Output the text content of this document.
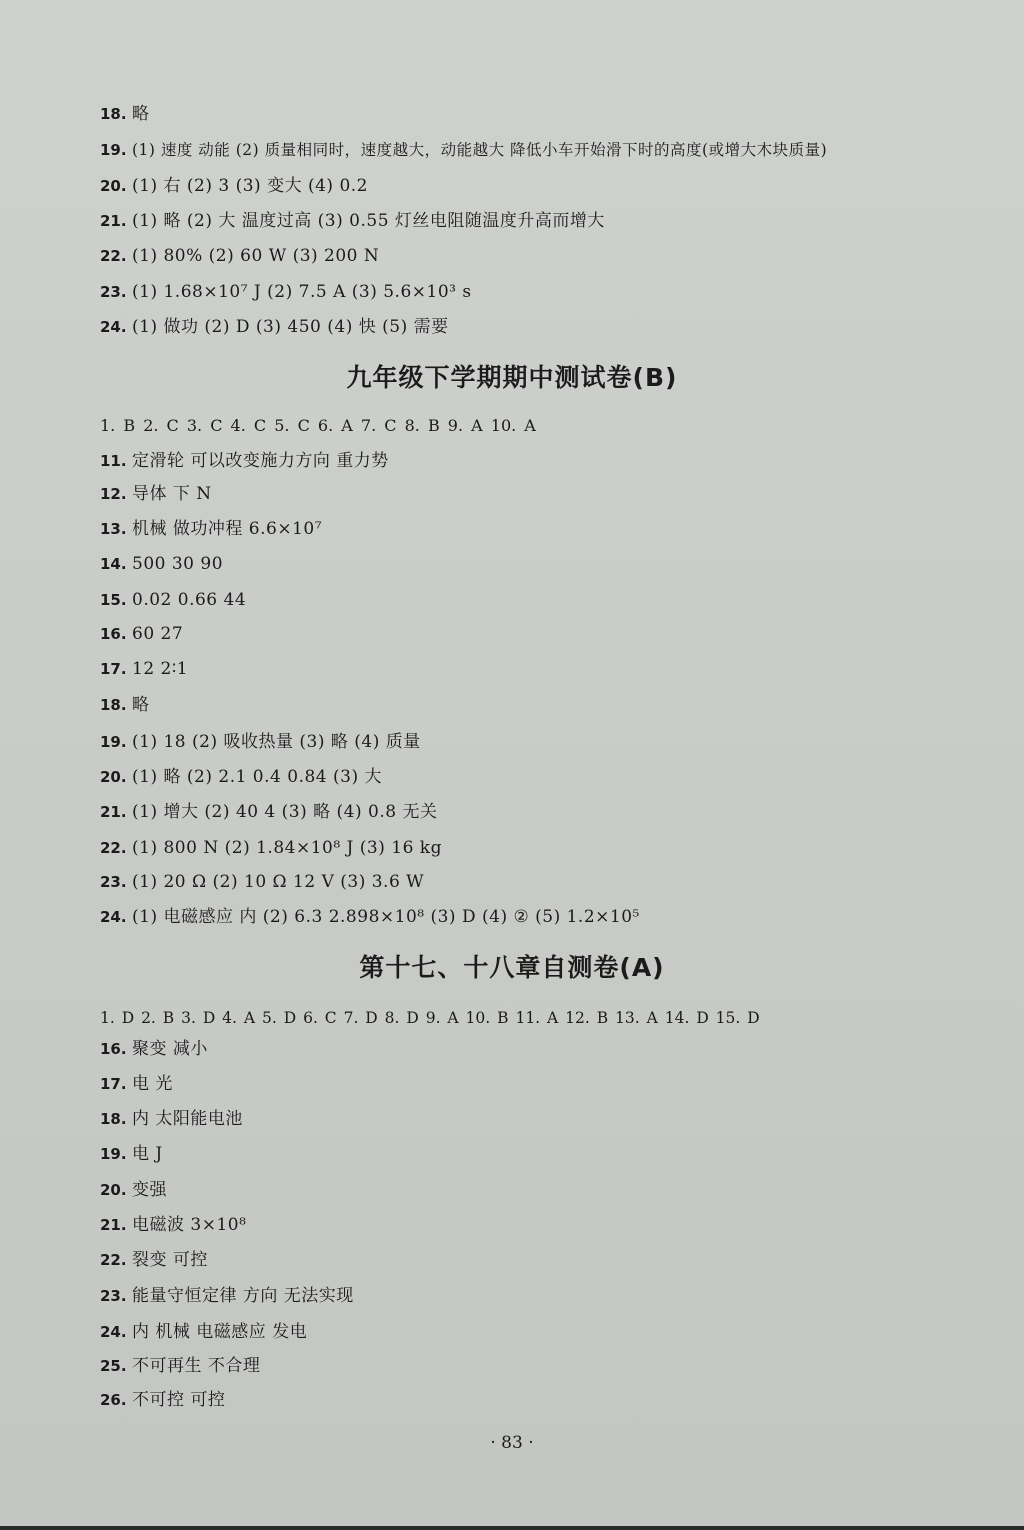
18. 略
19. (1) 速度 动能 (2) 质量相同时，速度越大，动能越大 降低小车开始滑下时的高度(或增大木块质量)
20. (1) 右 (2) 3 (3) 变大 (4) 0.2
21. (1) 略 (2) 大 温度过高 (3) 0.55 灯丝电阻随温度升高而增大
22. (1) 80% (2) 60 W (3) 200 N
23. (1) 1.68×10⁷ J (2) 7.5 A (3) 5.6×10³ s
24. (1) 做功 (2) D (3) 450 (4) 快 (5) 需要
九年级下学期期中测试卷(B)
1. B 2. C 3. C 4. C 5. C 6. A 7. C 8. B 9. A 10. A
11. 定滑轮 可以改变施力方向 重力势
12. 导体 下 N
13. 机械 做功冲程 6.6×10⁷
14. 500 30 90
15. 0.02 0.66 44
16. 60 27
17. 12 2∶1
18. 略
19. (1) 18 (2) 吸收热量 (3) 略 (4) 质量
20. (1) 略 (2) 2.1 0.4 0.84 (3) 大
21. (1) 增大 (2) 40 4 (3) 略 (4) 0.8 无关
22. (1) 800 N (2) 1.84×10⁸ J (3) 16 kg
23. (1) 20 Ω (2) 10 Ω 12 V (3) 3.6 W
24. (1) 电磁感应 内 (2) 6.3 2.898×10⁸ (3) D (4) ② (5) 1.2×10⁵
第十七、十八章自测卷(A)
1. D 2. B 3. D 4. A 5. D 6. C 7. D 8. D 9. A 10. B 11. A 12. B 13. A 14. D 15. D
16. 聚变 减小
17. 电 光
18. 内 太阳能电池
19. 电 J
20. 变强
21. 电磁波 3×10⁸
22. 裂变 可控
23. 能量守恒定律 方向 无法实现
24. 内 机械 电磁感应 发电
25. 不可再生 不合理
26. 不可控 可控
· 83 ·
